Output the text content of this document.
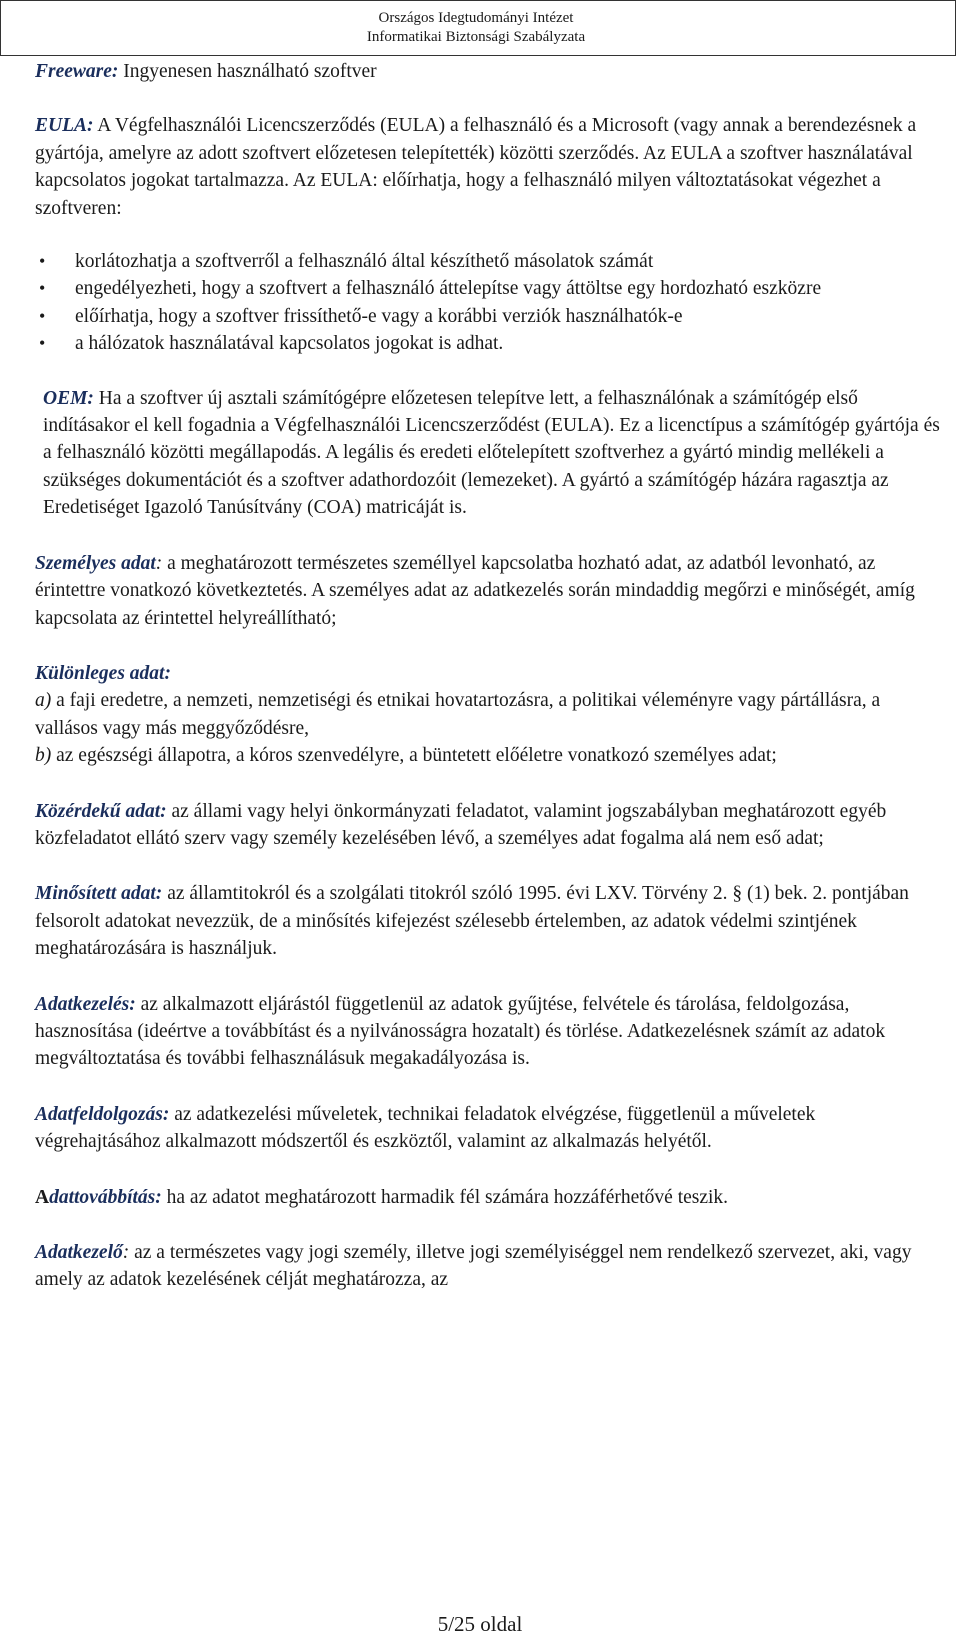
Országos Idegtudományi Intézet
Informatikai Biztonsági Szabályzata

Freeware: Ingyenesen használható szoftver

EULA: A Végfelhasználói Licencszerződés (EULA) a felhasználó és a Microsoft (vagy annak a berendezésnek a gyártója, amelyre az adott szoftvert előzetesen telepítették) közötti szerződés. Az EULA a szoftver használatával kapcsolatos jogokat tartalmazza. Az EULA: előírhatja, hogy a felhasználó milyen változtatásokat végezhet a szoftveren:

• korlátozhatja a szoftverről a felhasználó által készíthető másolatok számát
• engedélyezheti, hogy a szoftvert a felhasználó áttelepítse vagy áttöltse egy hordozható eszközre
• előírhatja, hogy a szoftver frissíthető-e vagy a korábbi verziók használhatók-e
• a hálózatok használatával kapcsolatos jogokat is adhat.

OEM: Ha a szoftver új asztali számítógépre előzetesen telepítve lett, a felhasználónak a számítógép első indításakor el kell fogadnia a Végfelhasználói Licencszerződést (EULA). Ez a licenctípus a számítógép gyártója és a felhasználó közötti megállapodás. A legális és eredeti előtelepített szoftverhez a gyártó mindig mellékeli a szükséges dokumentációt és a szoftver adathordozóit (lemezeket). A gyártó a számítógép házára ragasztja az Eredetiséget Igazoló Tanúsítvány (COA) matricáját is.

Személyes adat: a meghatározott természetes személlyel kapcsolatba hozható adat, az adatból levonható, az érintettre vonatkozó következtetés. A személyes adat az adatkezelés során mindaddig megőrzi e minőségét, amíg kapcsolata az érintettel helyreállítható;

Különleges adat:
a) a faji eredetre, a nemzeti, nemzetiségi és etnikai hovatartozásra, a politikai véleményre vagy pártállásra, a vallásos vagy más meggyőződésre,
b) az egészségi állapotra, a kóros szenvedélyre, a büntetett előéletre vonatkozó személyes adat;

Közérdekű adat: az állami vagy helyi önkormányzati feladatot, valamint jogszabályban meghatározott egyéb közfeladatot ellátó szerv vagy személy kezelésében lévő, a személyes adat fogalma alá nem eső adat;

Minősített adat: az államtitokról és a szolgálati titokról szóló 1995. évi LXV. Törvény 2. § (1) bek. 2. pontjában felsorolt adatokat nevezzük, de a minősítés kifejezést szélesebb értelemben, az adatok védelmi szintjének meghatározására is használjuk.

Adatkezelés: az alkalmazott eljárástól függetlenül az adatok gyűjtése, felvétele és tárolása, feldolgozása, hasznosítása (ideértve a továbbítást és a nyilvánosságra hozatalt) és törlése. Adatkezelésnek számít az adatok megváltoztatása és további felhasználásuk megakadályozása is.

Adatfeldolgozás: az adatkezelési műveletek, technikai feladatok elvégzése, függetlenül a műveletek végrehajtásához alkalmazott módszertől és eszköztől, valamint az alkalmazás helyétől.

Adattovábbítás: ha az adatot meghatározott harmadik fél számára hozzáférhetővé teszik.

Adatkezelő: az a természetes vagy jogi személy, illetve jogi személyiséggel nem rendelkező szervezet, aki, vagy amely az adatok kezelésének célját meghatározza, az

5/25 oldal
